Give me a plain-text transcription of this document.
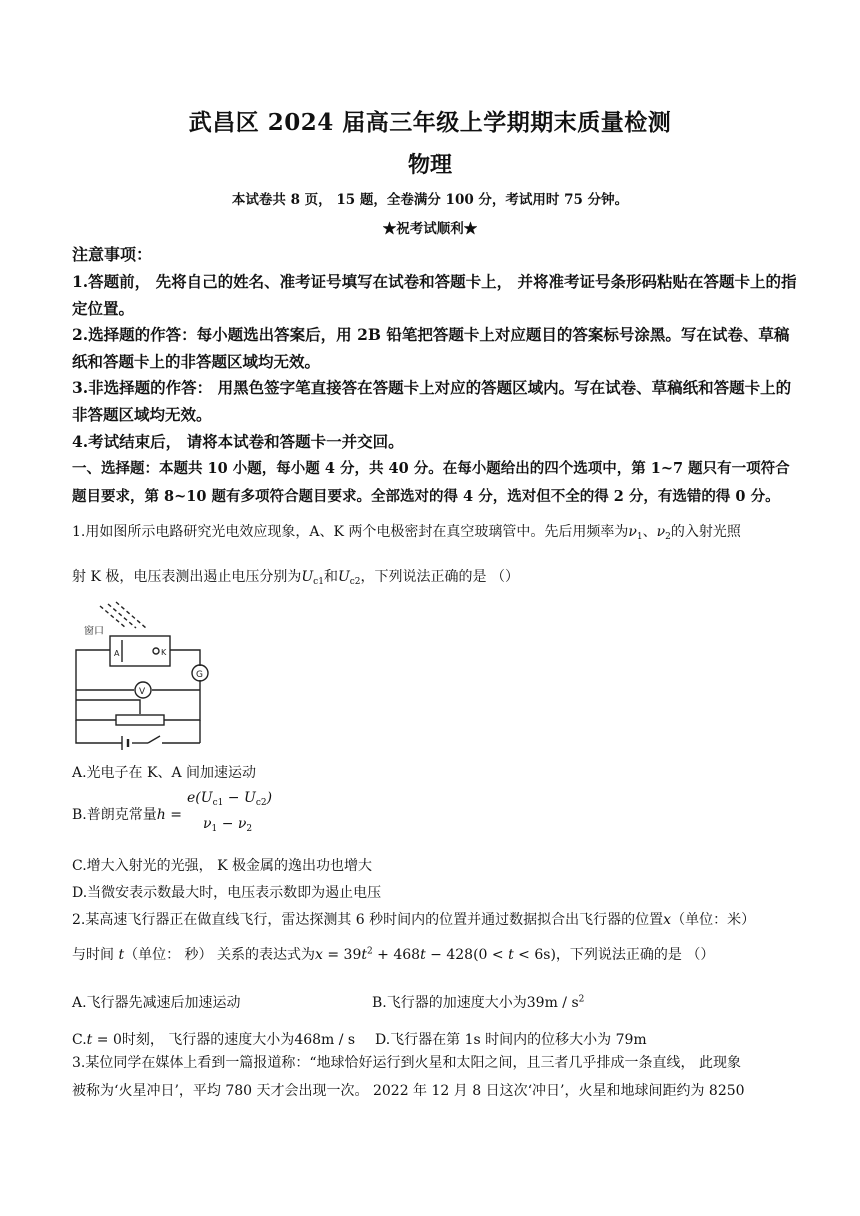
武昌区 2024 届高三年级上学期期末质量检测
物理
本试卷共 8 页， 15 题，全卷满分 100 分，考试用时 75 分钟。
★祝考试顺利★
注意事项：
1.答题前， 先将自己的姓名、准考证号填写在试卷和答题卡上， 并将准考证号条形码粘贴在答题卡上的指定位置。
2.选择题的作答：每小题选出答案后，用 2B 铅笔把答题卡上对应题目的答案标号涂黑。写在试卷、草稿纸和答题卡上的非答题区域均无效。
3.非选择题的作答： 用黑色签字笔直接答在答题卡上对应的答题区域内。写在试卷、草稿纸和答题卡上的非答题区域均无效。
4.考试结束后， 请将本试卷和答题卡一并交回。
一、选择题：本题共 10 小题，每小题 4 分，共 40 分。在每小题给出的四个选项中，第 1~7 题只有一项符合题目要求，第 8~10 题有多项符合题目要求。全部选对的得 4 分，选对但不全的得 2 分，有选错的得 0 分。
1.用如图所示电路研究光电效应现象，A、K 两个电极密封在真空玻璃管中。先后用频率为$\nu_1$、$\nu_2$的入射光照
射 K 极，电压表测出遏止电压分别为$U_{c1}$和$U_{c2}$，下列说法正确的是 （）
窗口
A	K
V
G
A.光电子在 K、A 间加速运动
B.普朗克常量h =
$e(U_{c1} - U_{c2})$
$\nu_1 - \nu_2$
C.增大入射光的光强， K 极金属的逸出功也增大
D.当微安表示数最大时，电压表示数即为遏止电压
2.某高速飞行器正在做直线飞行，雷达探测其 6 秒时间内的位置并通过数据拟合出飞行器的位置x（单位：米）
与时间 t（单位： 秒） 关系的表达式为$x = 39t^2 + 468t - 428(0 < t < 6s)$，下列说法正确的是 （）
A.飞行器先减速后加速运动	B.飞行器的加速度大小为$39m / s^2$
C.t = 0时刻， 飞行器的速度大小为468m / s D.飞行器在第 1s 时间内的位移大小为 79m
3.某位同学在媒体上看到一篇报道称：“地球恰好运行到火星和太阳之间，且三者几乎排成一条直线， 此现象
被称为‘火星冲日’，平均 780 天才会出现一次。 2022 年 12 月 8 日这次‘冲日’，火星和地球间距约为 8250
